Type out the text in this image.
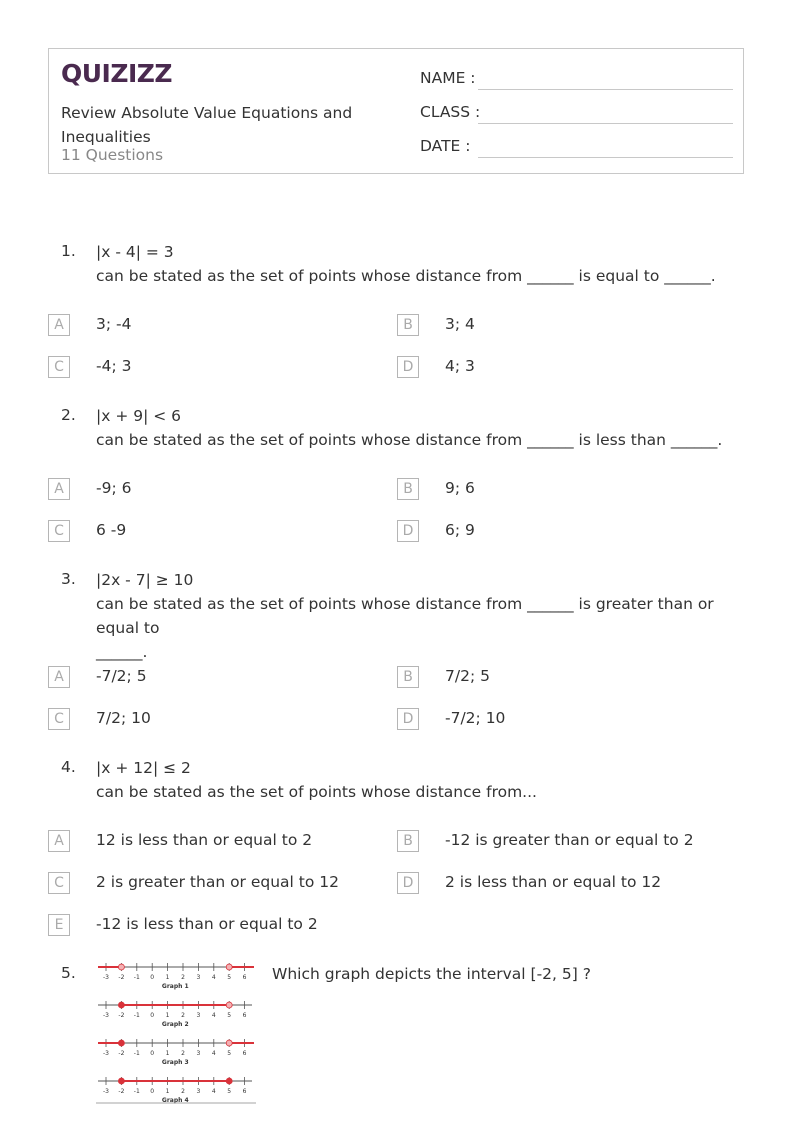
QUIZIZZ
Review Absolute Value Equations and Inequalities
11 Questions
NAME :
CLASS :
DATE :
1. |x - 4| = 3
can be stated as the set of points whose distance from ______ is equal to ______.
A	3; -4	B	3; 4
C	-4; 3	D	4; 3
2. |x + 9| < 6
can be stated as the set of points whose distance from ______ is less than ______.
A	-9; 6	B	9; 6
C	6 -9	D	6; 9
3. |2x - 7| ≥ 10
can be stated as the set of points whose distance from ______ is greater than or equal to
______.
A	-7/2; 5	B	7/2; 5
C	7/2; 10	D	-7/2; 10
4. |x + 12| ≤ 2
can be stated as the set of points whose distance from...
A	12 is less than or equal to 2	B	-12 is greater than or equal to 2
C	2 is greater than or equal to 12	D	2 is less than or equal to 12
E	-12 is less than or equal to 2
5.	Which graph depicts the interval [-2, 5] ?
-3 -2 -1 0 1 2 3 4 5 6
Graph 1
-3 -2 -1 0 1 2 3 4 5 6
Graph 2
-3 -2 -1 0 1 2 3 4 5 6
Graph 3
-3 -2 -1 0 1 2 3 4 5 6
Graph 4
